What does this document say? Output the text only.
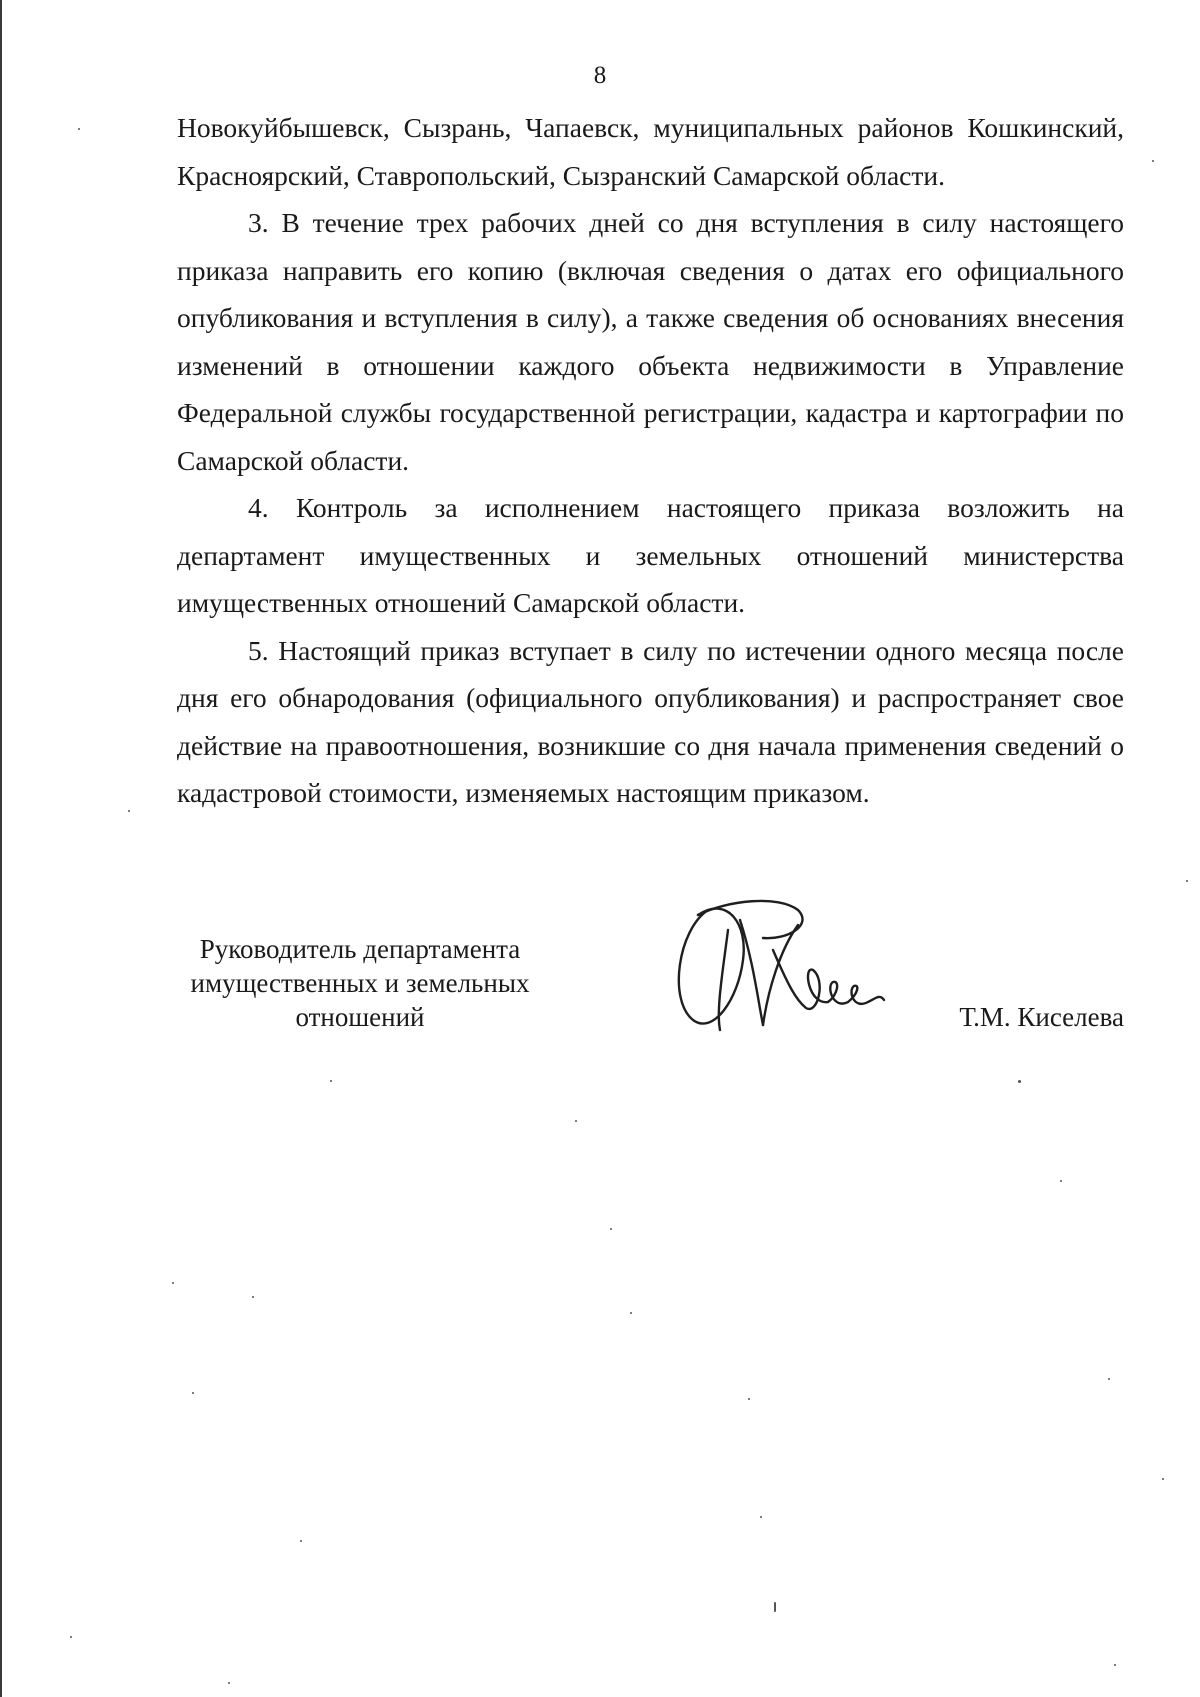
8

Новокуйбышевск, Сызрань, Чапаевск, муниципальных районов Кошкинский, Красноярский, Ставропольский, Сызранский Самарской области.

3. В течение трех рабочих дней со дня вступления в силу настоящего приказа направить его копию (включая сведения о датах его официального опубликования и вступления в силу), а также сведения об основаниях внесения изменений в отношении каждого объекта недвижимости в Управление Федеральной службы государственной регистрации, кадастра и картографии по Самарской области.

4. Контроль за исполнением настоящего приказа возложить на департамент имущественных и земельных отношений министерства имущественных отношений Самарской области.

5. Настоящий приказ вступает в силу по истечении одного месяца после дня его обнародования (официального опубликования) и распространяет свое действие на правоотношения, возникшие со дня начала применения сведений о кадастровой стоимости, изменяемых настоящим приказом.

Руководитель департамента
имущественных и земельных
отношений	Т.М. Киселева
